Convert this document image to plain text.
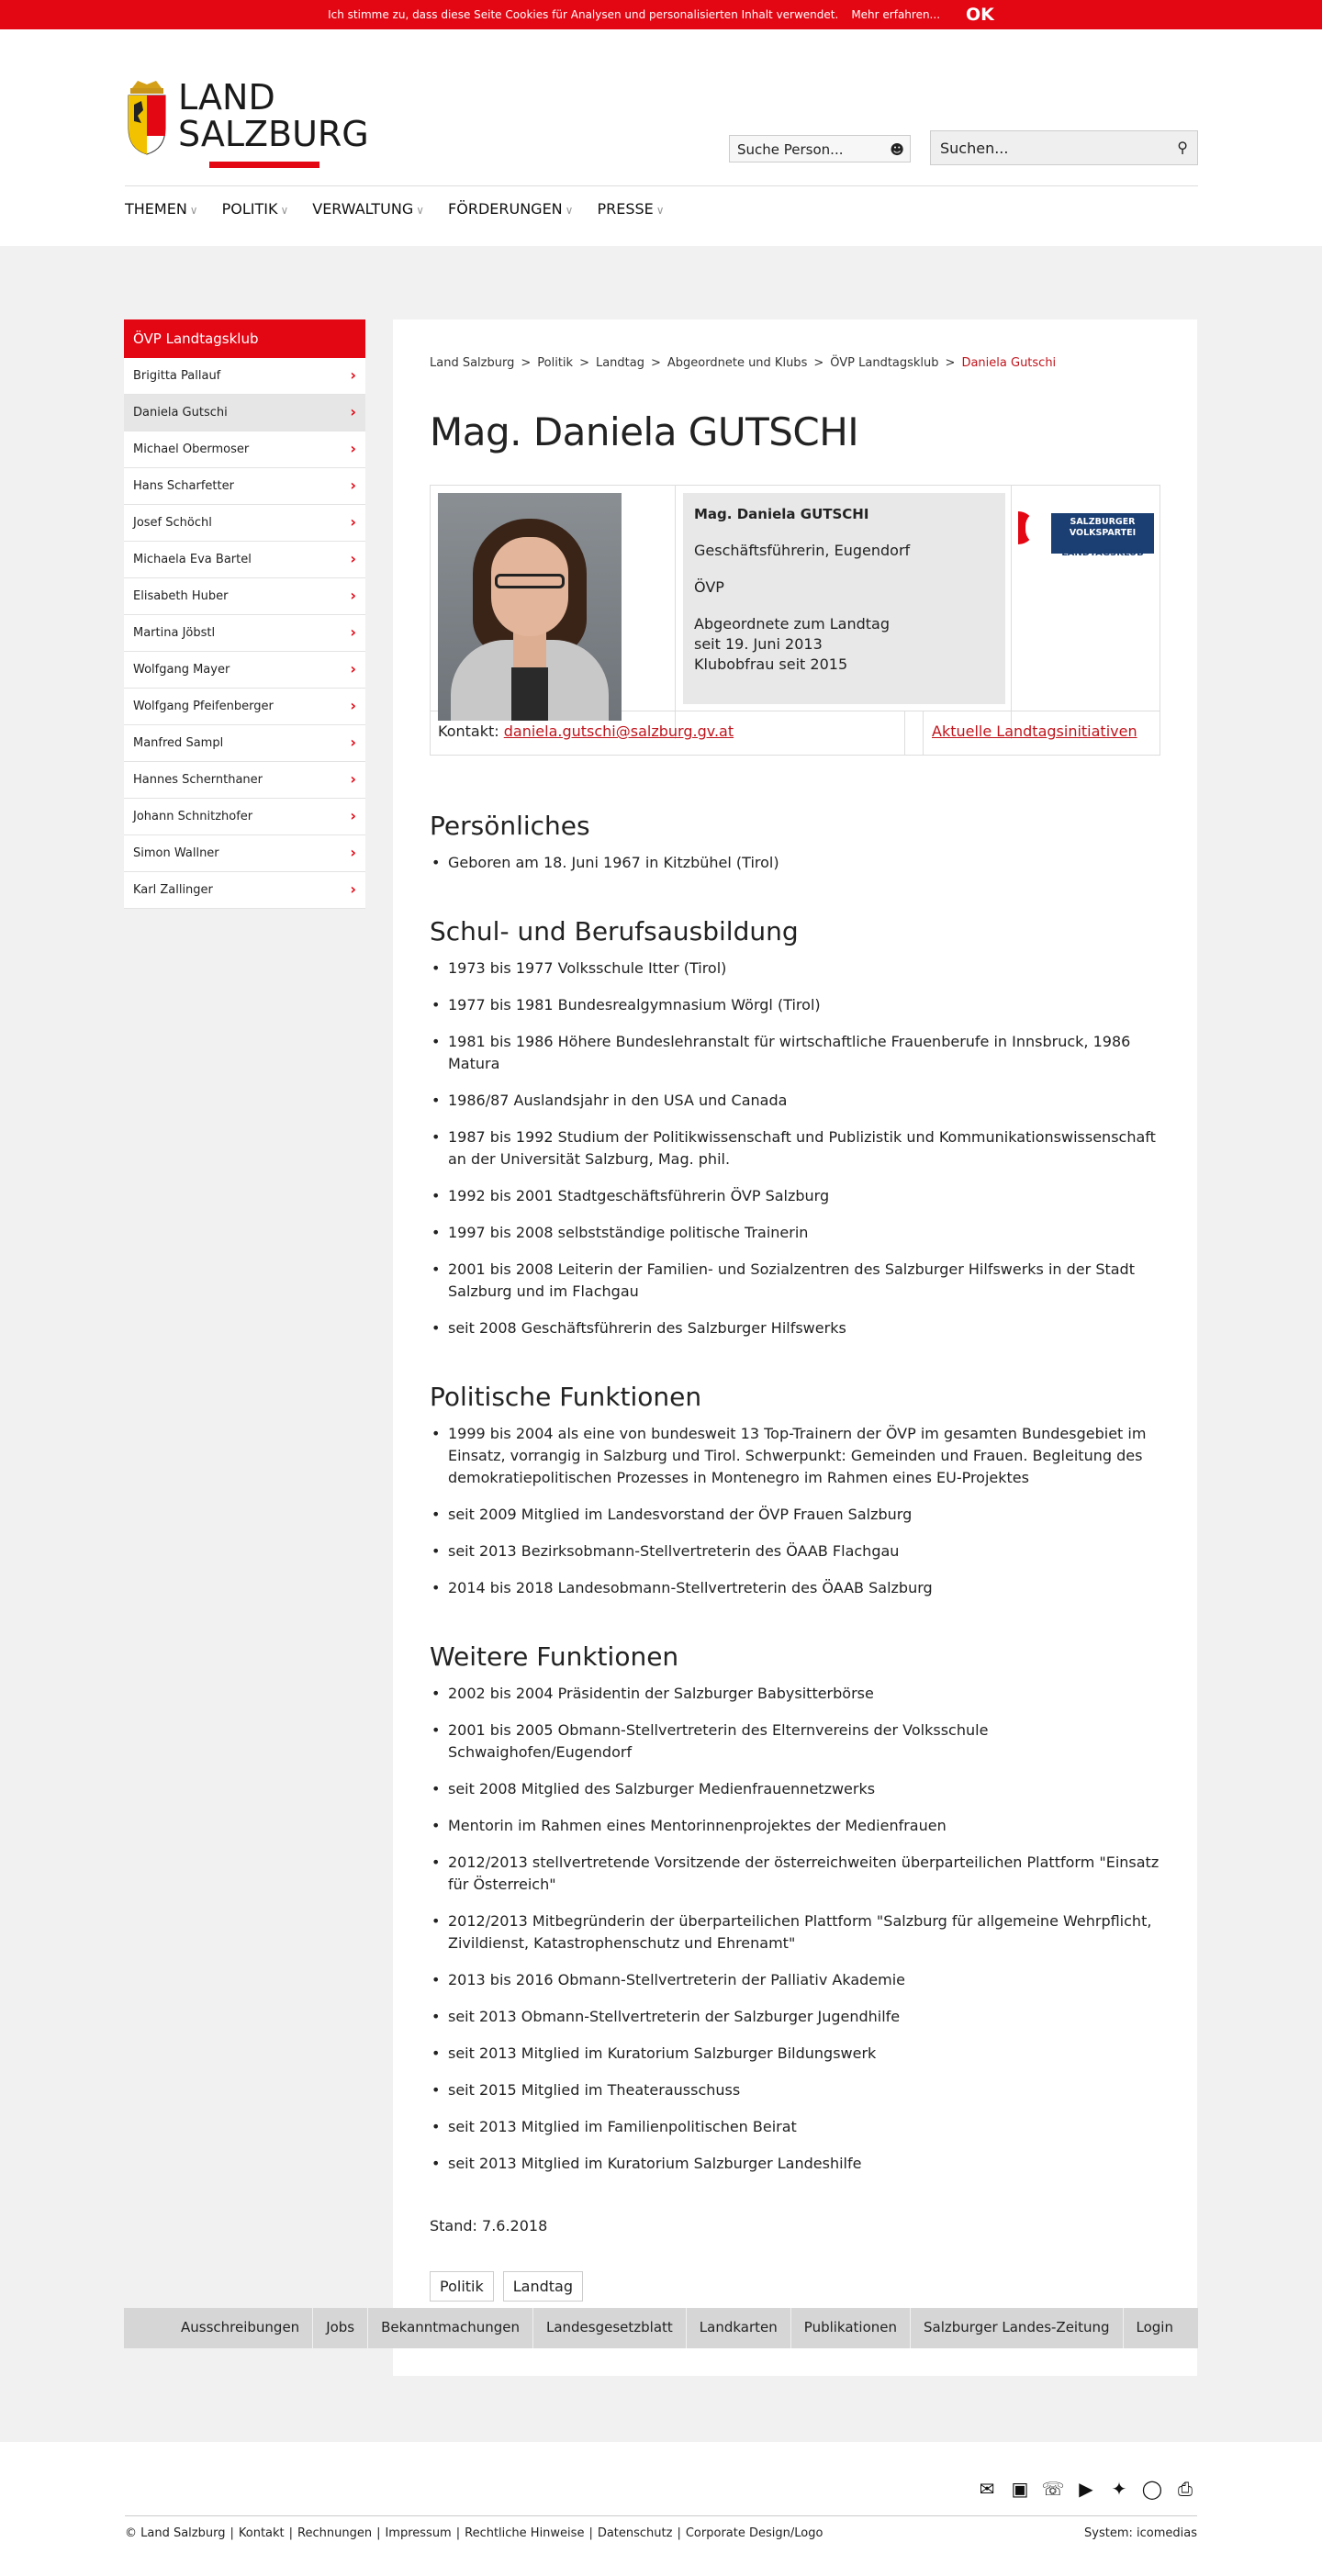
Ich stimme zu, dass diese Seite Cookies für Analysen und personalisierten Inhalt verwendet. Mehr erfahren... OK
LAND
SALZBURG	Suche Person...	☻	Suchen...	⚲
THEMEN ∨ POLITIK ∨ VERWALTUNG ∨ FÖRDERUNGEN ∨ PRESSE ∨
ÖVP Landtagsklub
Brigitta Pallauf	›
Daniela Gutschi	›
Michael Obermoser	›
Hans Scharfetter	›
Josef Schöchl	›
Michaela Eva Bartel	›
Elisabeth Huber	›
Martina Jöbstl	›
Wolfgang Mayer	›
Wolfgang Pfeifenberger	›
Manfred Sampl	›
Hannes Schernthaner	›
Johann Schnitzhofer	›
Simon Wallner	›
Karl Zallinger	›
Land Salzburg > Politik > Landtag > Abgeordnete und Klubs > ÖVP Landtagsklub > Daniela Gutschi
Mag. Daniela GUTSCHI
Mag. Daniela GUTSCHI

Geschäftsführerin, Eugendorf

ÖVP

Abgeordnete zum Landtag
seit 19. Juni 2013
Klubobfrau seit 2015
SALZBURGER
VOLKSPARTEI
LANDTAGSKLUB
Kontakt: daniela.gutschi@salzburg.gv.at	Aktuelle Landtagsinitiativen
Persönliches
• Geboren am 18. Juni 1967 in Kitzbühel (Tirol)
Schul- und Berufsausbildung
• 1973 bis 1977 Volksschule Itter (Tirol)
• 1977 bis 1981 Bundesrealgymnasium Wörgl (Tirol)
• 1981 bis 1986 Höhere Bundeslehranstalt für wirtschaftliche Frauenberufe in Innsbruck, 1986 Matura
• 1986/87 Auslandsjahr in den USA und Canada
• 1987 bis 1992 Studium der Politikwissenschaft und Publizistik und Kommunikationswissenschaft an der Universität Salzburg, Mag. phil.
• 1992 bis 2001 Stadtgeschäftsführerin ÖVP Salzburg
• 1997 bis 2008 selbstständige politische Trainerin
• 2001 bis 2008 Leiterin der Familien- und Sozialzentren des Salzburger Hilfswerks in der Stadt Salzburg und im Flachgau
• seit 2008 Geschäftsführerin des Salzburger Hilfswerks
Politische Funktionen
• 1999 bis 2004 als eine von bundesweit 13 Top-Trainern der ÖVP im gesamten Bundesgebiet im Einsatz, vorrangig in Salzburg und Tirol. Schwerpunkt: Gemeinden und Frauen. Begleitung des demokratiepolitischen Prozesses in Montenegro im Rahmen eines EU-Projektes
• seit 2009 Mitglied im Landesvorstand der ÖVP Frauen Salzburg
• seit 2013 Bezirksobmann-Stellvertreterin des ÖAAB Flachgau
• 2014 bis 2018 Landesobmann-Stellvertreterin des ÖAAB Salzburg
Weitere Funktionen
• 2002 bis 2004 Präsidentin der Salzburger Babysitterbörse
• 2001 bis 2005 Obmann-Stellvertreterin des Elternvereins der Volksschule Schwaighofen/Eugendorf
• seit 2008 Mitglied des Salzburger Medienfrauennetzwerks
• Mentorin im Rahmen eines Mentorinnenprojektes der Medienfrauen
• 2012/2013 stellvertretende Vorsitzende der österreichweiten überparteilichen Plattform "Einsatz für Österreich"
• 2012/2013 Mitbegründerin der überparteilichen Plattform "Salzburg für allgemeine Wehrpflicht, Zivildienst, Katastrophenschutz und Ehrenamt"
• 2013 bis 2016 Obmann-Stellvertreterin der Palliativ Akademie
• seit 2013 Obmann-Stellvertreterin der Salzburger Jugendhilfe
• seit 2013 Mitglied im Kuratorium Salzburger Bildungswerk
• seit 2015 Mitglied im Theaterausschuss
• seit 2013 Mitglied im Familienpolitischen Beirat
• seit 2013 Mitglied im Kuratorium Salzburger Landeshilfe
Stand: 7.6.2018
Politik	Landtag
Ausschreibungen	Jobs	Bekanntmachungen	Landesgesetzblatt	Landkarten	Publikationen	Salzburger Landes-Zeitung	Login
✉ ▣ ☏ ▶ ✦ ◯ ⎙
© Land Salzburg | Kontakt | Rechnungen | Impressum | Rechtliche Hinweise | Datenschutz | Corporate Design/Logo	System: icomedias
